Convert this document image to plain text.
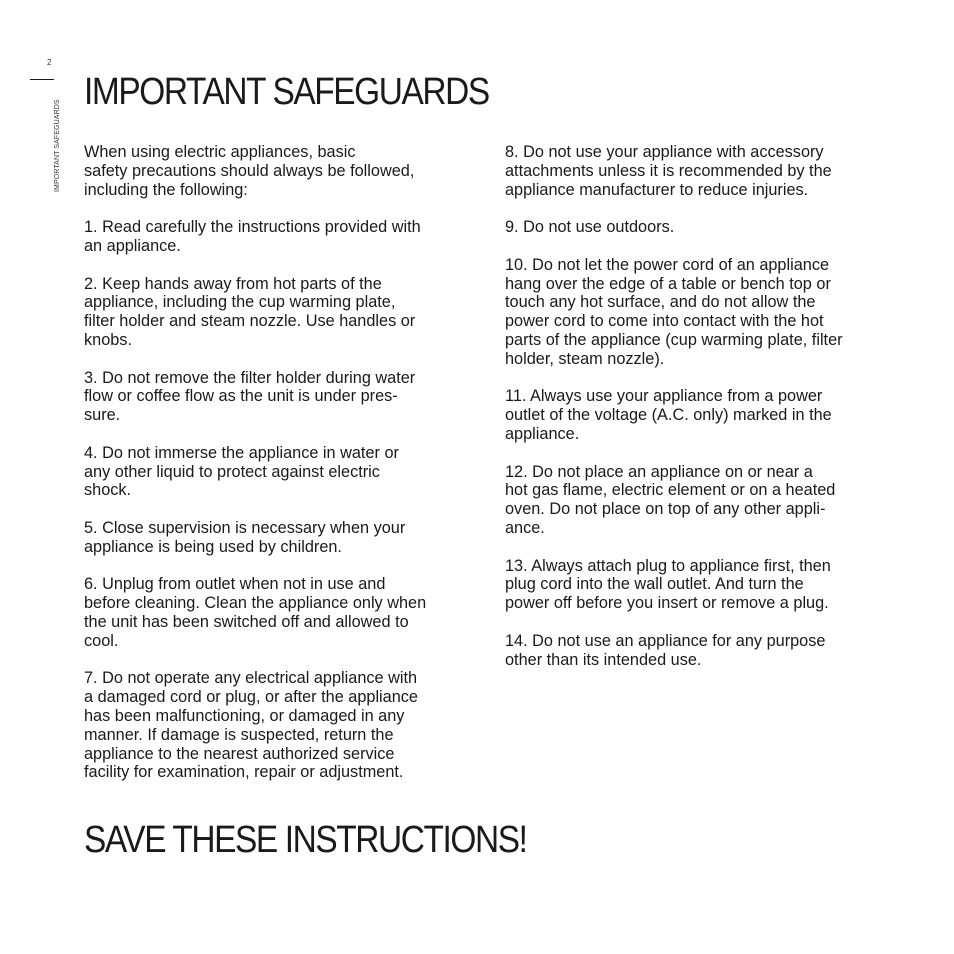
2
IMPORTANT SAFEGUARDS
IMPORTANT SAFEGUARDS

When using electric appliances, basic
safety precautions should always be followed,
including the following:

1. Read carefully the instructions provided with
an appliance.

2. Keep hands away from hot parts of the
appliance, including the cup warming plate,
filter holder and steam nozzle. Use handles or
knobs.

3. Do not remove the filter holder during water
flow or coffee flow as the unit is under pres-
sure.

4. Do not immerse the appliance in water or
any other liquid to protect against electric
shock.

5. Close supervision is necessary when your
appliance is being used by children.

6. Unplug from outlet when not in use and
before cleaning. Clean the appliance only when
the unit has been switched off and allowed to
cool.

7. Do not operate any electrical appliance with
a damaged cord or plug, or after the appliance
has been malfunctioning, or damaged in any
manner. If damage is suspected, return the
appliance to the nearest authorized service
facility for examination, repair or adjustment.

8. Do not use your appliance with accessory
attachments unless it is recommended by the
appliance manufacturer to reduce injuries.

9. Do not use outdoors.

10. Do not let the power cord of an appliance
hang over the edge of a table or bench top or
touch any hot surface, and do not allow the
power cord to come into contact with the hot
parts of the appliance (cup warming plate, filter
holder, steam nozzle).

11. Always use your appliance from a power
outlet of the voltage (A.C. only) marked in the
appliance.

12. Do not place an appliance on or near a
hot gas flame, electric element or on a heated
oven. Do not place on top of any other appli-
ance.

13. Always attach plug to appliance first, then
plug cord into the wall outlet. And turn the
power off before you insert or remove a plug.

14. Do not use an appliance for any purpose
other than its intended use.

SAVE THESE INSTRUCTIONS!
